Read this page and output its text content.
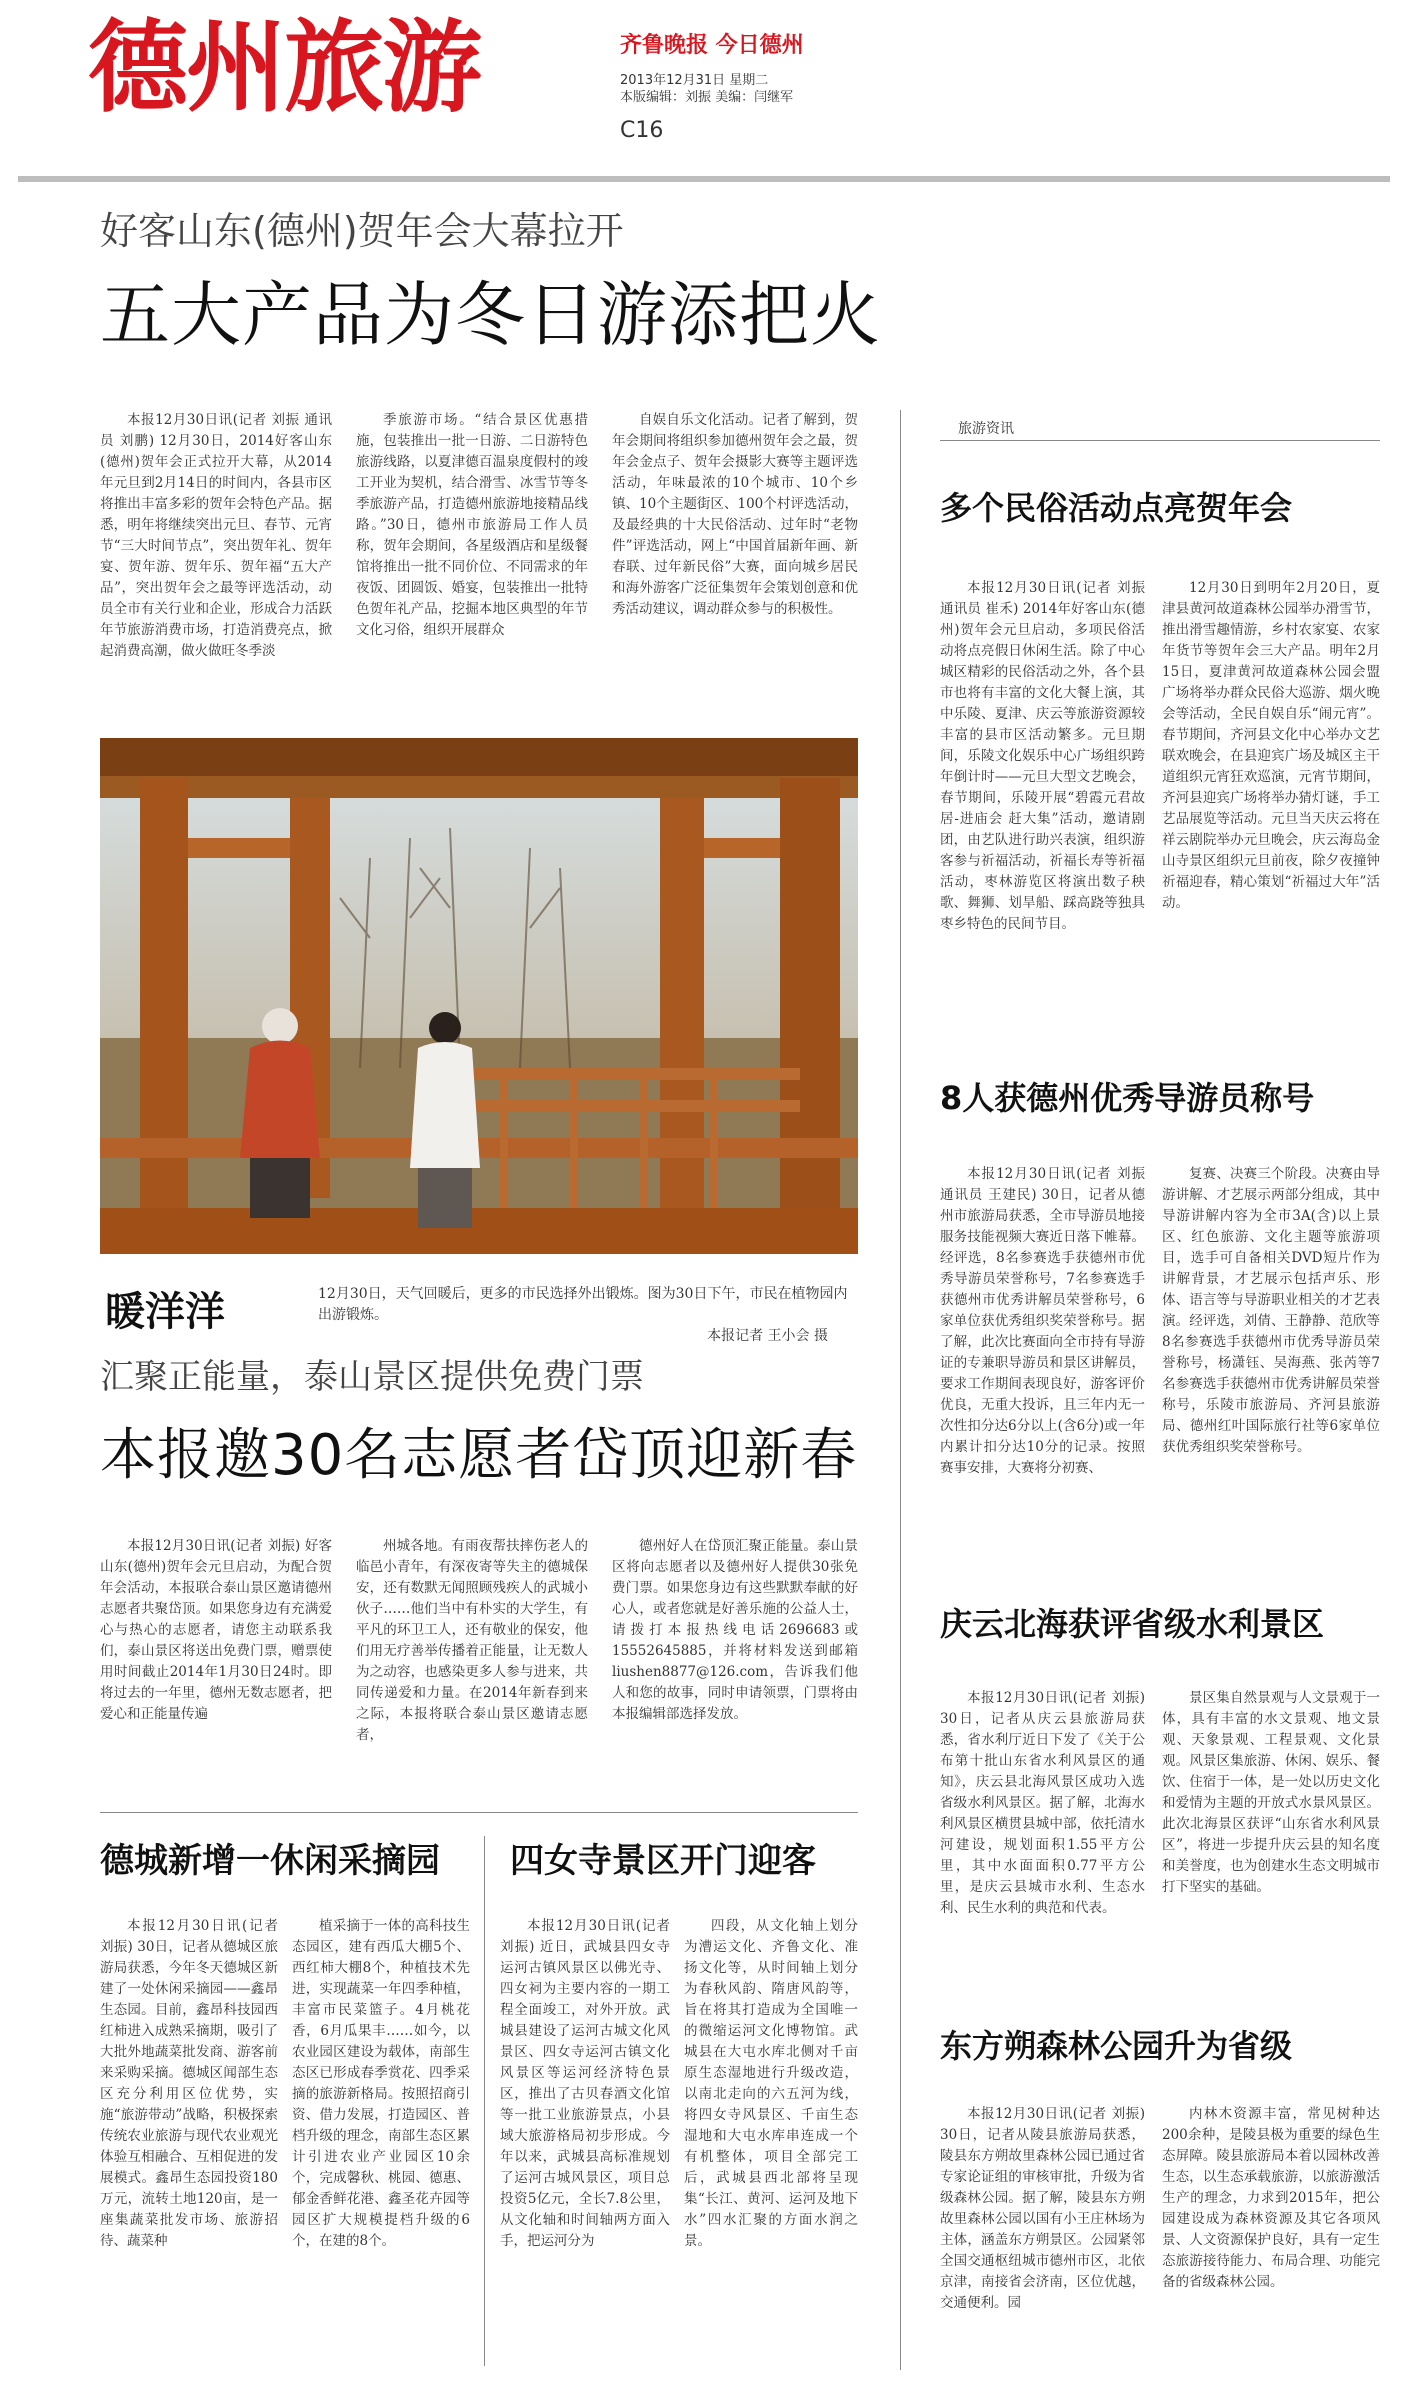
德州旅游	齐鲁晚报 今日德州
2013年12月31日 星期二
本版编辑：刘振 美编：闫继军
C16
好客山东(德州)贺年会大幕拉开
五大产品为冬日游添把火

本报12月30日讯(记者 刘振 通讯员 刘鹏) 12月30日，2014好客山东(德州)贺年会正式拉开大幕，从2014年元旦到2月14日的时间内，各县市区将推出丰富多彩的贺年会特色产品。据悉，明年将继续突出元旦、春节、元宵节“三大时间节点”，突出贺年礼、贺年宴、贺年游、贺年乐、贺年福“五大产品”，突出贺年会之最等评选活动，动员全市有关行业和企业，形成合力活跃年节旅游消费市场，打造消费亮点，掀起消费高潮，做火做旺冬季淡

季旅游市场。“结合景区优惠措施，包装推出一批一日游、二日游特色旅游线路，以夏津德百温泉度假村的竣工开业为契机，结合滑雪、冰雪节等冬季旅游产品，打造德州旅游地接精品线路。”30日，德州市旅游局工作人员称，贺年会期间，各星级酒店和星级餐馆将推出一批不同价位、不同需求的年夜饭、团圆饭、婚宴，包装推出一批特色贺年礼产品，挖掘本地区典型的年节文化习俗，组织开展群众

自娱自乐文化活动。记者了解到，贺年会期间将组织参加德州贺年会之最，贺年会金点子、贺年会摄影大赛等主题评选活动，年味最浓的10个城市、10个乡镇、10个主题街区、100个村评选活动，及最经典的十大民俗活动、过年时“老物件”评选活动，网上“中国首届新年画、新春联、过年新民俗”大赛，面向城乡居民和海外游客广泛征集贺年会策划创意和优秀活动建议，调动群众参与的积极性。

暖洋洋	12月30日，天气回暖后，更多的市民选择外出锻炼。图为30日下午，市民在植物园内出游锻炼。
本报记者 王小会 摄
汇聚正能量，泰山景区提供免费门票
本报邀30名志愿者岱顶迎新春

本报12月30日讯(记者 刘振) 好客山东(德州)贺年会元旦启动，为配合贺年会活动，本报联合泰山景区邀请德州志愿者共聚岱顶。如果您身边有充满爱心与热心的志愿者，请您主动联系我们，泰山景区将送出免费门票，赠票使用时间截止2014年1月30日24时。即将过去的一年里，德州无数志愿者，把爱心和正能量传遍

州城各地。有雨夜帮扶摔伤老人的临邑小青年，有深夜寄等失主的德城保安，还有数默无闻照顾残疾人的武城小伙子……他们当中有朴实的大学生，有平凡的环卫工人，还有敬业的保安，他们用无疗善举传播着正能量，让无数人为之动容，也感染更多人参与进来，共同传递爱和力量。在2014年新春到来之际，本报将联合泰山景区邀请志愿者，

德州好人在岱顶汇聚正能量。泰山景区将向志愿者以及德州好人提供30张免费门票。如果您身边有这些默默奉献的好心人，或者您就是好善乐施的公益人士，请拨打本报热线电话2696683或15552645885，并将材料发送到邮箱liushen8877@126.com，告诉我们他人和您的故事，同时申请领票，门票将由本报编辑部选择发放。

德城新增一休闲采摘园

本报12月30日讯(记者 刘振) 30日，记者从德城区旅游局获悉，今年冬天德城区新建了一处休闲采摘园——鑫昂生态园。目前，鑫昂科技园西红柿进入成熟采摘期，吸引了大批外地蔬菜批发商、游客前来采购采摘。德城区闻部生态区充分利用区位优势，实施“旅游带动”战略，积极探索传统农业旅游与现代农业观光体验互相融合、互相促进的发展模式。鑫昂生态园投资180万元，流转土地120亩，是一座集蔬菜批发市场、旅游招待、蔬菜种

植采摘于一体的高科技生态园区，建有西瓜大棚5个、西红柿大棚8个，种植技术先进，实现蔬菜一年四季种植，丰富市民菜篮子。4月桃花香，6月瓜果丰……如今，以农业园区建设为载体，南部生态区已形成春季赏花、四季采摘的旅游新格局。按照招商引资、借力发展，打造园区、普档升级的理念，南部生态区累计引进农业产业园区10余个，完成馨秋、桃园、德惠、郁金香鲜花港、鑫圣花卉园等园区扩大规模提档升级的6个，在建的8个。

四女寺景区开门迎客

本报12月30日讯(记者 刘振) 近日，武城县四女寺运河古镇风景区以佛光寺、四女祠为主要内容的一期工程全面竣工，对外开放。武城县建设了运河古城文化风景区、四女寺运河古镇文化风景区等运河经济特色景区，推出了古贝春酒文化馆等一批工业旅游景点，小县域大旅游格局初步形成。今年以来，武城县高标准规划了运河古城风景区，项目总投资5亿元，全长7.8公里，从文化轴和时间轴两方面入手，把运河分为

四段，从文化轴上划分为漕运文化、齐鲁文化、准扬文化等，从时间轴上划分为春秋风韵、隋唐风韵等，旨在将其打造成为全国唯一的微缩运河文化博物馆。武城县在大屯水库北侧对千亩原生态湿地进行升级改造，以南北走向的六五河为线，将四女寺风景区、千亩生态湿地和大屯水库串连成一个有机整体，项目全部完工后，武城县西北部将呈现集“长江、黄河、运河及地下水”四水汇聚的方面水润之景。

旅游资讯
多个民俗活动点亮贺年会

本报12月30日讯(记者 刘振 通讯员 崔禾) 2014年好客山东(德州)贺年会元旦启动，多项民俗活动将点亮假日休闲生活。除了中心城区精彩的民俗活动之外，各个县市也将有丰富的文化大餐上演，其中乐陵、夏津、庆云等旅游资源较丰富的县市区活动繁多。元旦期间，乐陵文化娱乐中心广场组织跨年倒计时——元旦大型文艺晚会，春节期间，乐陵开展“碧霞元君故居-进庙会 赶大集”活动，邀请剧团，由艺队进行助兴表演，组织游客参与祈福活动，祈福长寿等祈福活动，枣林游览区将演出数子秧歌、舞狮、划旱船、踩高跷等独具枣乡特色的民间节目。

12月30日到明年2月20日，夏津县黄河故道森林公园举办滑雪节，推出滑雪趣情游，乡村农家宴、农家年货节等贺年会三大产品。明年2月15日，夏津黄河故道森林公园会盟广场将举办群众民俗大巡游、烟火晚会等活动，全民自娱自乐“闹元宵”。春节期间，齐河县文化中心举办文艺联欢晚会，在县迎宾广场及城区主干道组织元宵狂欢巡演，元宵节期间，齐河县迎宾广场将举办猜灯谜，手工艺品展览等活动。元旦当天庆云将在祥云剧院举办元旦晚会，庆云海岛金山寺景区组织元旦前夜，除夕夜撞钟祈福迎春，精心策划“祈福过大年”活动。

8人获德州优秀导游员称号

本报12月30日讯(记者 刘振 通讯员 王建民) 30日，记者从德州市旅游局获悉，全市导游员地接服务技能视频大赛近日落下帷幕。经评选，8名参赛选手获德州市优秀导游员荣誉称号，7名参赛选手获德州市优秀讲解员荣誉称号，6家单位获优秀组织奖荣誉称号。据了解，此次比赛面向全市持有导游证的专兼职导游员和景区讲解员，要求工作期间表现良好，游客评价优良，无重大投诉，且三年内无一次性扣分达6分以上(含6分)或一年内累计扣分达10分的记录。按照赛事安排，大赛将分初赛、

复赛、决赛三个阶段。决赛由导游讲解、才艺展示两部分组成，其中导游讲解内容为全市3A(含)以上景区、红色旅游、文化主题等旅游项目，选手可自备相关DVD短片作为讲解背景，才艺展示包括声乐、形体、语言等与导游职业相关的才艺表演。经评选，刘倩、王静静、范欣等8名参赛选手获德州市优秀导游员荣誉称号，杨潇钰、吴海燕、张芮等7名参赛选手获德州市优秀讲解员荣誉称号，乐陵市旅游局、齐河县旅游局、德州红叶国际旅行社等6家单位获优秀组织奖荣誉称号。

庆云北海获评省级水利景区

本报12月30日讯(记者 刘振) 30日，记者从庆云县旅游局获悉，省水利厅近日下发了《关于公布第十批山东省水利风景区的通知》，庆云县北海风景区成功入选省级水利风景区。据了解，北海水利风景区横贯县城中部，依托清水河建设，规划面积1.55平方公里，其中水面面积0.77平方公里，是庆云县城市水利、生态水利、民生水利的典范和代表。

景区集自然景观与人文景观于一体，具有丰富的水文景观、地文景观、天象景观、工程景观、文化景观。风景区集旅游、休闲、娱乐、餐饮、住宿于一体，是一处以历史文化和爱情为主题的开放式水景风景区。此次北海景区获评“山东省水利风景区”，将进一步提升庆云县的知名度和美誉度，也为创建水生态文明城市打下坚实的基础。

东方朔森林公园升为省级

本报12月30日讯(记者 刘振) 30日，记者从陵县旅游局获悉，陵县东方朔故里森林公园已通过省专家论证组的审核审批，升级为省级森林公园。据了解，陵县东方朔故里森林公园以国有小王庄林场为主体，涵盖东方朔景区。公园紧邻全国交通枢纽城市德州市区，北依京津，南接省会济南，区位优越，交通便利。园

内林木资源丰富，常见树种达200余种，是陵县极为重要的绿色生态屏障。陵县旅游局本着以园林改善生态，以生态承载旅游，以旅游激活生产的理念，力求到2015年，把公园建设成为森林资源及其它各项风景、人文资源保护良好，具有一定生态旅游接待能力、布局合理、功能完备的省级森林公园。
